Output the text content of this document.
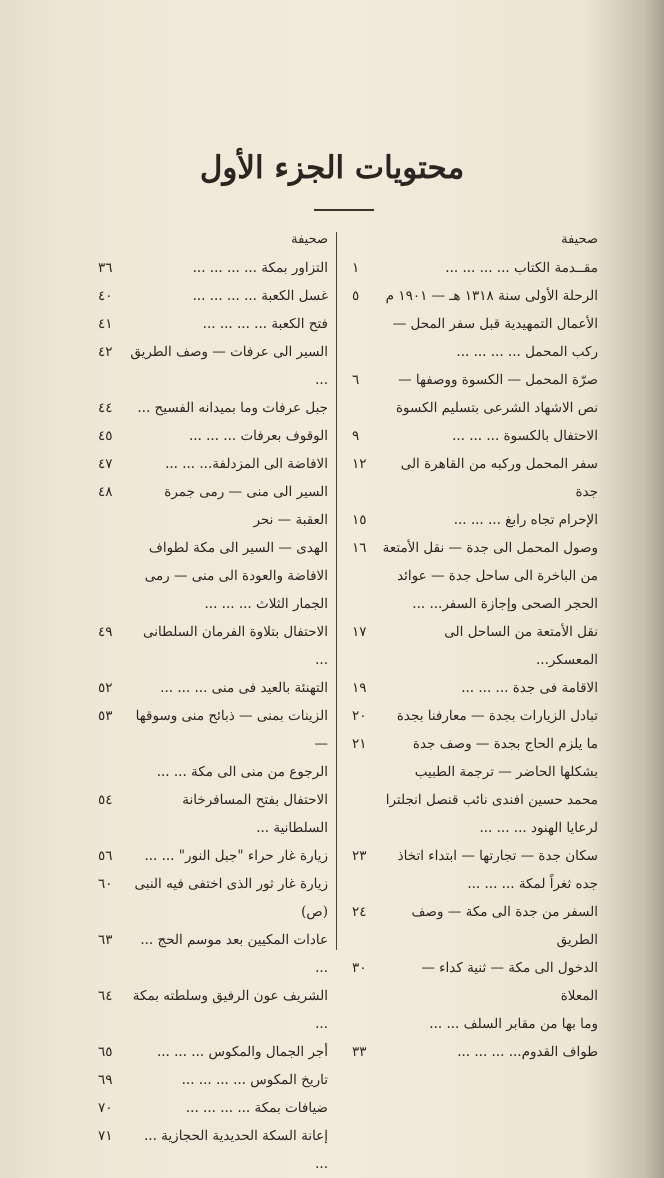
محتويات الجزء الأول
صحيفة
مقــدمة الكتاب ... ... ... ...
١
الرحلة الأولى سنة ١٣١٨ هـ — ١٩٠١ م
الأعمال التمهيدية قبل سفر المحل —
ركب المحمل ... ... ... ...
٥
صرّة المحمل — الكسوة ووصفها —
نص الاشهاد الشرعى بتسليم الكسوة
٦
الاحتفال بالكسوة ... ... ...
٩
سفر المحمل وركبه من القاهرة الى جدة
١٢
الإحرام تجاه رابغ ... ... ...
١٥
وصول المحمل الى جدة — نقل الأمتعة
من الباخرة الى ساحل جدة — عوائد
الحجر الصحى وإجازة السفر... ...
١٦
نقل الأمتعة من الساحل الى المعسكر...
١٧
الاقامة فى جدة ... ... ...
١٩
تبادل الزيارات بجدة — معارفنا بجدة
٢٠
ما يلزم الحاج بجدة — وصف جدة
بشكلها الحاضر — ترجمة الطبيب
محمد حسين افندى نائب قنصل انجلترا
لرعايا الهنود ... ... ...
٢١
سكان جدة — تجارتها — ابتداء اتخاذ
جده ثغراً لمكة ... ... ...
٢٣
السفر من جدة الى مكة — وصف الطريق
٢٤
الدخول الى مكة — ثنية كداء — المعلاة
وما بها من مقابر السلف ... ...
٣٠
طواف القدوم... ... ... ...
٣٣
صحيفة
التزاور بمكة ... ... ... ...
٣٦
غسل الكعبة ... ... ... ...
٤٠
فتح الكعبة ... ... ... ...
٤١
السير الى عرفات — وصف الطريق ...
٤٢
جبل عرفات وما بميدانه الفسيح ...
٤٤
الوقوف بعرفات ... ... ...
٤٥
الافاضة الى المزدلفة... ... ...
٤٧
السير الى منى — رمى جمرة العقبة — نحر
الهدى — السير الى مكة لطواف
الافاضة والعودة الى منى — رمى
الجمار الثلاث ... ... ...
٤٨
الاحتفال بتلاوة الفرمان السلطانى ...
٤٩
التهنئة بالعيد فى منى ... ... ...
٥٢
الزينات بمنى — ذبائح منى وسوقها —
الرجوع من منى الى مكة ... ...
٥٣
الاحتفال بفتح المسافرخانة السلطانية ...
٥٤
زيارة غار حراء "جبل النور" ... ...
٥٦
زيارة غار ثور الذى اختفى فيه النبى (ص)
٦٠
عادات المكيين بعد موسم الحج ... ...
٦٣
الشريف عون الرفيق وسلطته بمكة ...
٦٤
أجر الجمال والمكوس ... ... ...
٦٥
تاريخ المكوس ... ... ... ...
٦٩
ضيافات بمكة ... ... ... ...
٧٠
إعانة السكة الحديدية الحجازية ... ...
٧١
